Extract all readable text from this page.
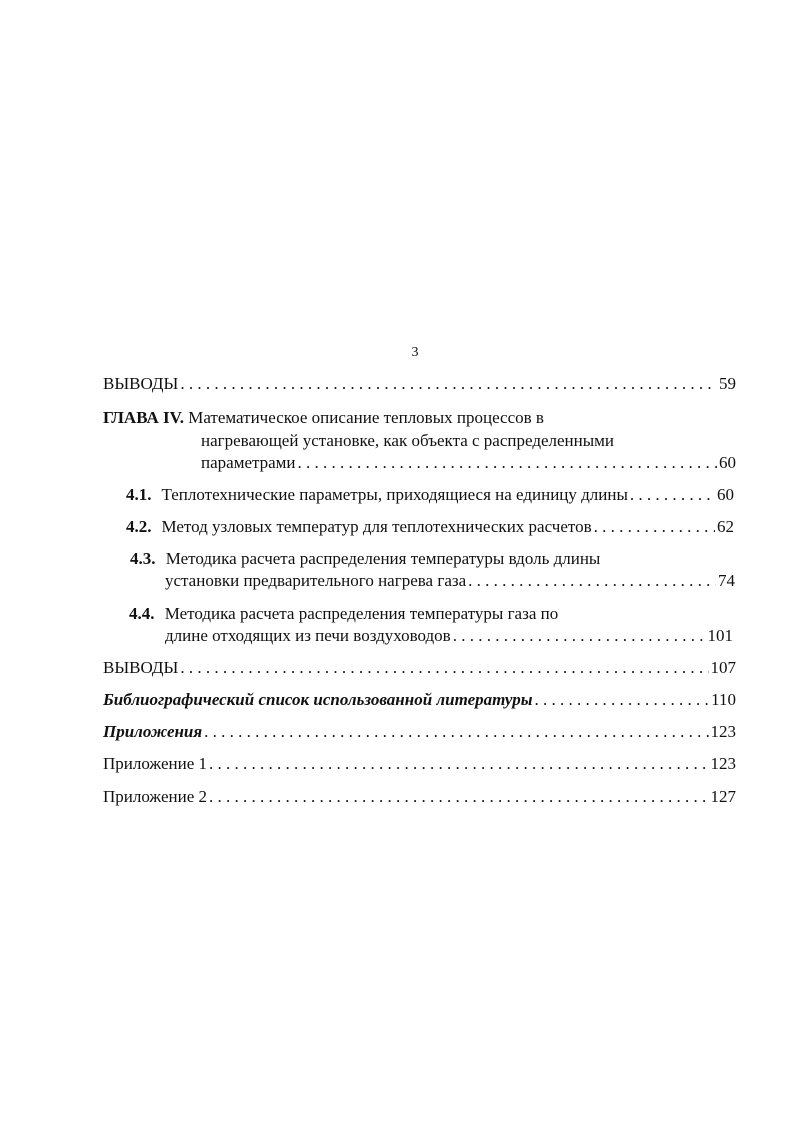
3
ВЫВОДЫ . . .	59
ГЛАВА IV. Математическое описание тепловых процессов в
нагревающей установке, как объекта с распределенными
параметрами . . .	60
4.1. Теплотехнические параметры, приходящиеся на единицу длины . . .	60
4.2. Метод узловых температур для теплотехнических расчетов . . .	62
4.3. Методика расчета распределения температуры вдоль длины
установки предварительного нагрева газа . . .	74
4.4. Методика расчета распределения температуры газа по
длине отходящих из печи воздуховодов . . .	101
ВЫВОДЫ . . .	107
Библиографический список использованной литературы . . .	110
Приложения . . .	123
Приложение 1 . . .	123
Приложение 2 . . .	127
